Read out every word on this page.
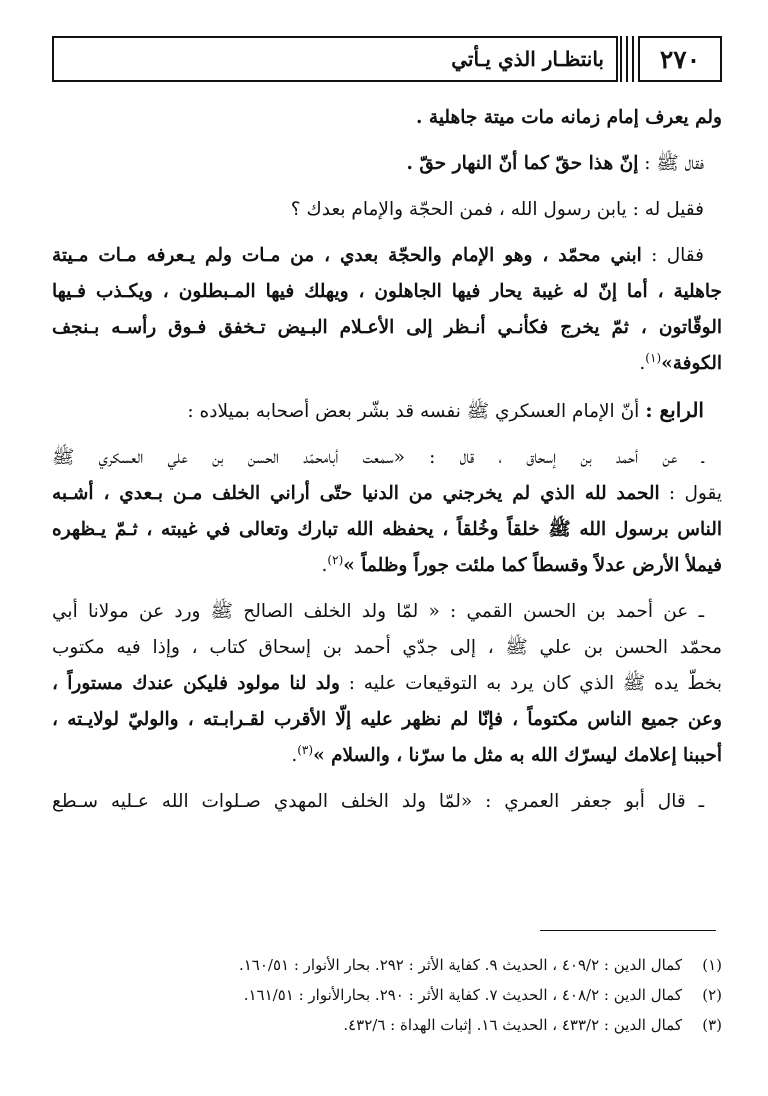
٢٧٠
بانتظـار الذي يـأتي
ولم يعرف إمام زمانه مات ميتة جاهلية .
فقال ﷺ : إنّ هذا حقّ كما أنّ النهار حقّ .
فقيل له : يابن رسول الله ، فمن الحجّة والإمام بعدك ؟
فقال : ابني محمّد ، وهو الإمام والحجّة بعدي ، من مـات ولم يـعرفه مـات مـيتة
جاهلية ، أما إنّ له غيبة يحار فيها الجاهلون ، ويهلك فيها المـبطلون ، ويكـذب فـيها
الوقّاتون ، ثمّ يخرج فكأنـي أنـظر إلى الأعـلام البـيض تـخفق فـوق رأسـه بـنجف
الكوفة»$^{(١)}$.
الرابع : أنّ الإمام العسكري ﷺ نفسه قد بشّر بعض أصحابه بميلاده :
ـ عن أحمد بن إسحاق ، قال : «سمعت أبامحمّد الحسن بن علي العسكري ﷺ
يقول : الحمد لله الذي لم يخرجني من الدنيا حتّى أراني الخلف مـن بـعدي ، أشـبه
الناس برسول الله ﷺ خلقاً وخُلقاً ، يحفظه الله تبارك وتعالى في غيبته ، ثـمّ يـظهره
فيملأ الأرض عدلاً وقسطاً كما ملئت جوراً وظلماً »$^{(٢)}$.
ـ عن أحمد بن الحسن القمي : « لمّا ولد الخلف الصالح ﷺ ورد عن مولانا أبي
محمّد الحسن بن علي ﷺ ، إلى جدّي أحمد بن إسحاق كتاب ، وإذا فيه مكتوب
بخطّ يده ﷺ الذي كان يرد به التوقيعات عليه : ولد لنا مولود فليكن عندك مستوراً ،
وعن جميع الناس مكتوماً ، فإنّا لم نظهر عليه إلّا الأقرب لقـرابـته ، والوليّ لولايـته ،
أحببنا إعلامك ليسرّك الله به مثل ما سرّنا ، والسلام »$^{(٣)}$.
ـ قال أبو جعفر العمري : «لمّا ولد الخلف المهدي صـلوات الله عـليه سـطع
(١)كمال الدين : ٤٠٩/٢ ، الحديث ٩. كفاية الأثر : ٢٩٢. بحار الأنوار : ١٦٠/٥١.
(٢)كمال الدين : ٤٠٨/٢ ، الحديث ٧. كفاية الأثر : ٢٩٠. بحارالأنوار : ١٦١/٥١.
(٣)كمال الدين : ٤٣٣/٢ ، الحديث ١٦. إثبات الهداة : ٤٣٢/٦.
